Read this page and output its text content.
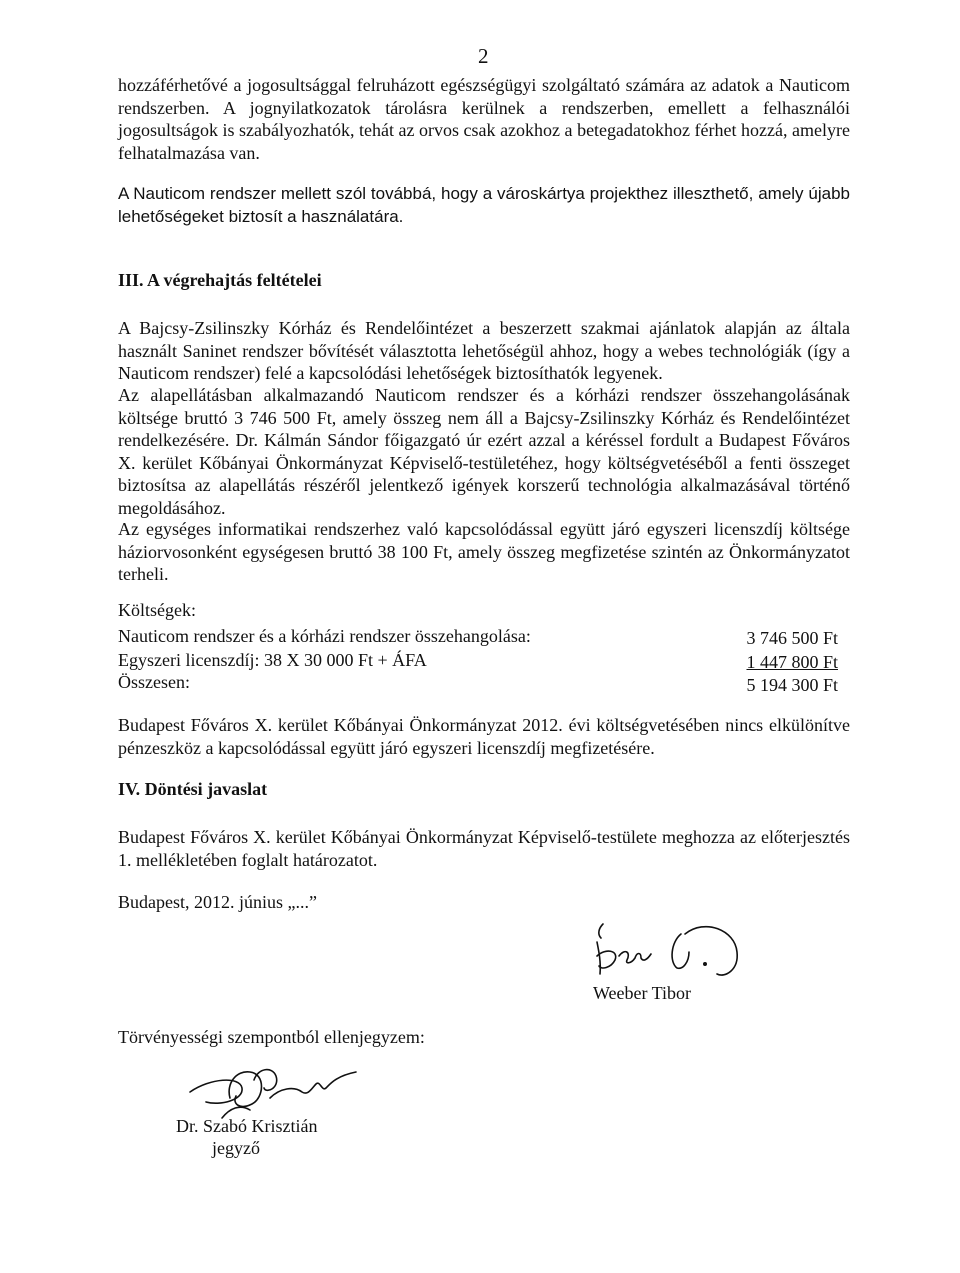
2
hozzáférhetővé a jogosultsággal felruházott egészségügyi szolgáltató számára az adatok a Nauticom rendszerben. A jognyilatkozatok tárolásra kerülnek a rendszerben, emellett a felhasználói jogosultságok is szabályozhatók, tehát az orvos csak azokhoz a betegadatokhoz férhet hozzá, amelyre felhatalmazása van.
A Nauticom rendszer mellett szól továbbá, hogy a városkártya projekthez illeszthető, amely újabb lehetőségeket biztosít a használatára.
III. A végrehajtás feltételei
A Bajcsy-Zsilinszky Kórház és Rendelőintézet a beszerzett szakmai ajánlatok alapján az általa használt Saninet rendszer bővítését választotta lehetőségül ahhoz, hogy a webes technológiák (így a Nauticom rendszer) felé a kapcsolódási lehetőségek biztosíthatók legyenek.
Az alapellátásban alkalmazandó Nauticom rendszer és a kórházi rendszer összehangolásának költsége bruttó 3 746 500 Ft, amely összeg nem áll a Bajcsy-Zsilinszky Kórház és Rendelőintézet rendelkezésére. Dr. Kálmán Sándor főigazgató úr ezért azzal a kéréssel fordult a Budapest Főváros X. kerület Kőbányai Önkormányzat Képviselő-testületéhez, hogy költségvetéséből a fenti összeget biztosítsa az alapellátás részéről jelentkező igények korszerű technológia alkalmazásával történő megoldásához.
Az egységes informatikai rendszerhez való kapcsolódással együtt járó egyszeri licenszdíj költsége háziorvosonként egységesen bruttó 38 100 Ft, amely összeg megfizetése szintén az Önkormányzatot terheli.
Költségek:
Nauticom rendszer és a kórházi rendszer összehangolása:	3 746 500 Ft
Egyszeri licenszdíj: 38 X 30 000 Ft + ÁFA	1 447 800 Ft
Összesen:	5 194 300 Ft
Budapest Főváros X. kerület Kőbányai Önkormányzat 2012. évi költségvetésében nincs elkülönítve pénzeszköz a kapcsolódással együtt járó egyszeri licenszdíj megfizetésére.
IV. Döntési javaslat
Budapest Főváros X. kerület Kőbányai Önkormányzat Képviselő-testülete meghozza az előterjesztés 1. mellékletében foglalt határozatot.
Budapest, 2012. június „...”
Weeber Tibor
Törvényességi szempontból ellenjegyzem:
Dr. Szabó Krisztián
jegyző
